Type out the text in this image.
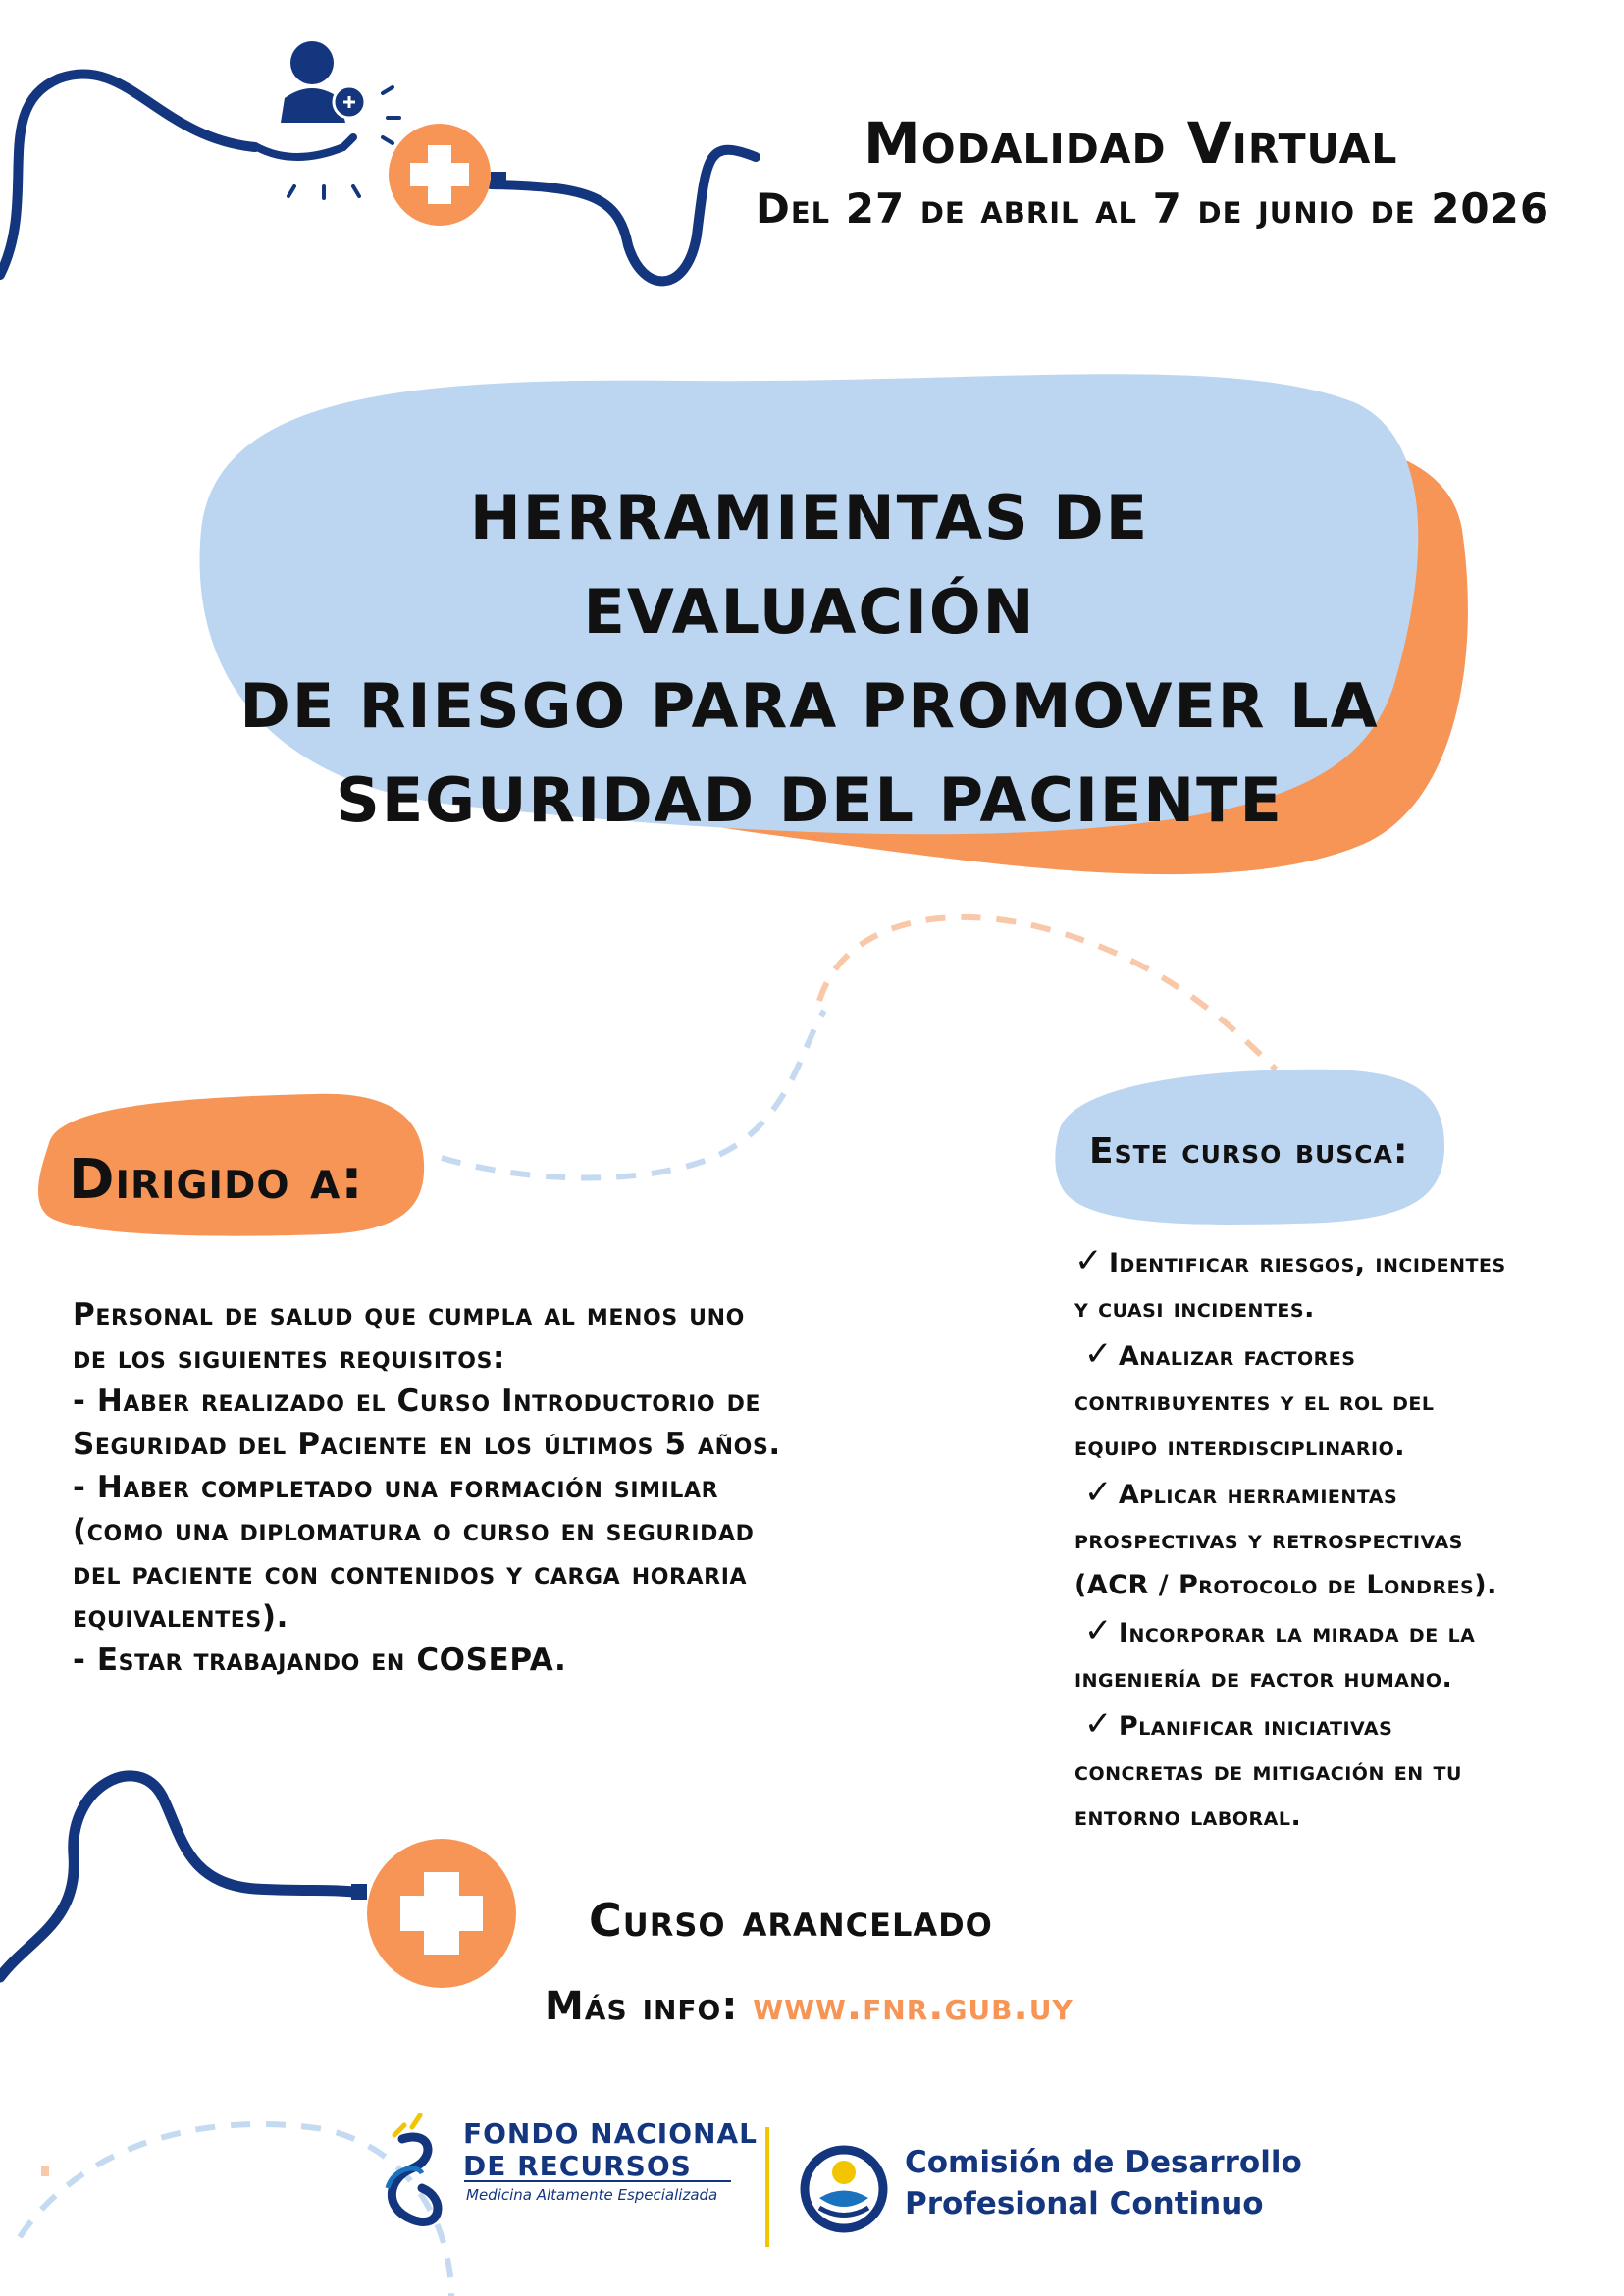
Modalidad Virtual
Del 27 de abril al 7 de junio de 2026
HERRAMIENTAS DE EVALUACIÓN
DE RIESGO PARA PROMOVER LA
SEGURIDAD DEL PACIENTE
Dirigido a:	Este curso busca:
Personal de salud que cumpla al menos uno
de los siguientes requisitos:
- Haber realizado el Curso Introductorio de
Seguridad del Paciente en los últimos 5 años.
- Haber completado una formación similar
(como una diplomatura o curso en seguridad
del paciente con contenidos y carga horaria
equivalentes).
- Estar trabajando en COSEPA.
✓ Identificar riesgos, incidentes
y cuasi incidentes.
✓ Analizar factores
contribuyentes y el rol del
equipo interdisciplinario.
✓ Aplicar herramientas
prospectivas y retrospectivas
(ACR / Protocolo de Londres).
✓ Incorporar la mirada de la
ingeniería de factor humano.
✓ Planificar iniciativas
concretas de mitigación en tu
entorno laboral.
Curso arancelado
Más info: www.fnr.gub.uy
FONDO NACIONAL
DE RECURSOS
Medicina Altamente Especializada
Comisión de Desarrollo
Profesional Continuo
